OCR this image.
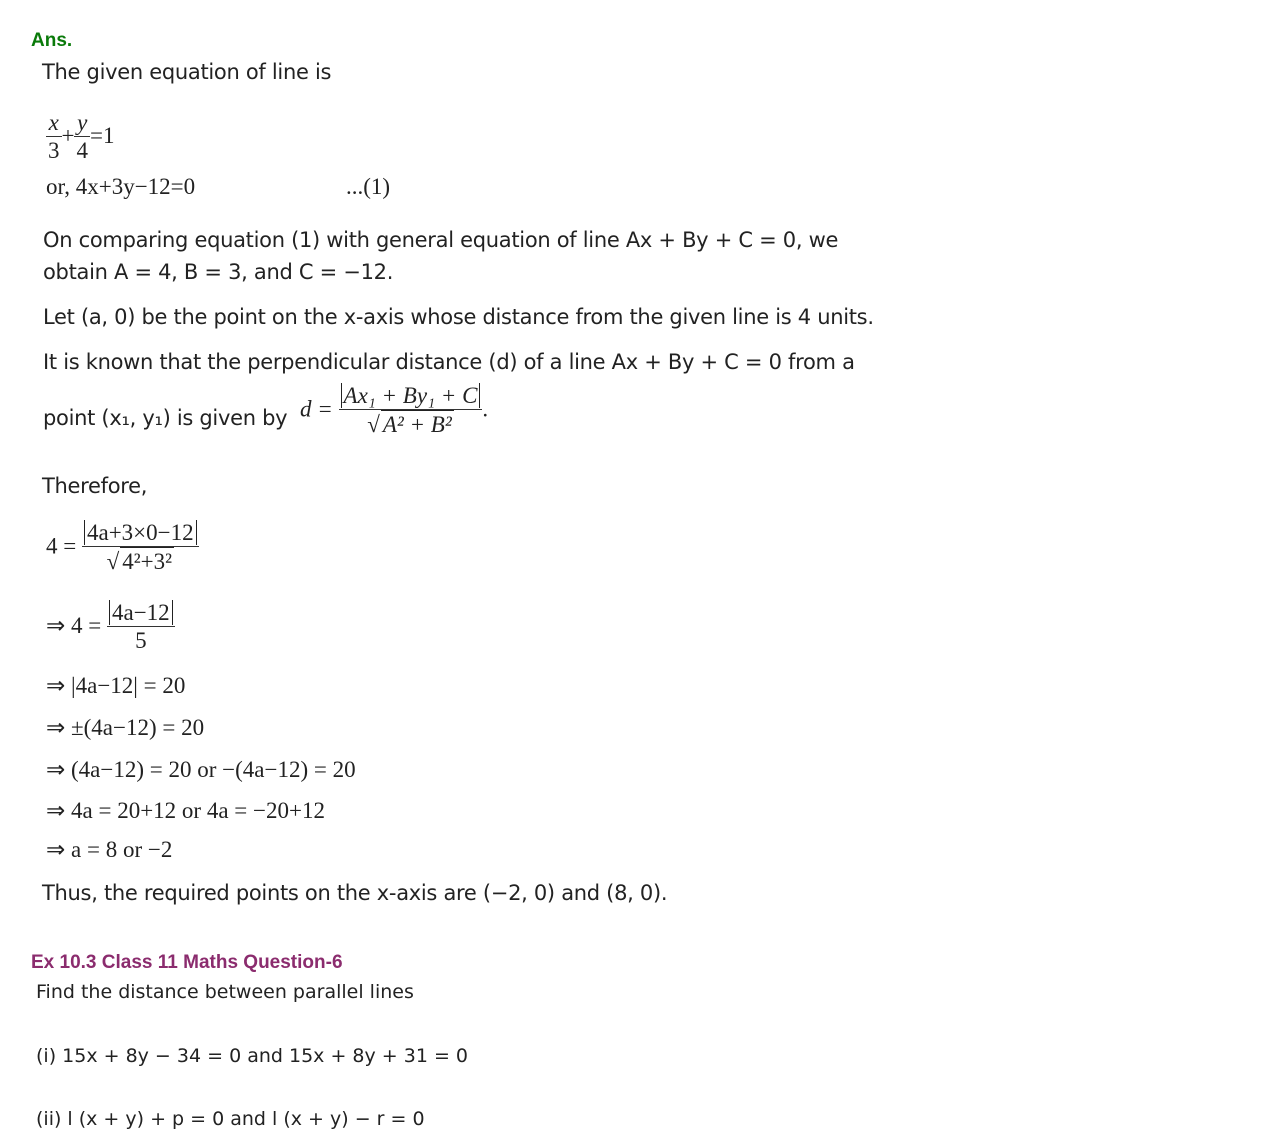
Ans.
The given equation of line is
$\frac{x}{3} + \frac{y}{4} =1$
or, 4x+3y−12=0	...(1)
On comparing equation (1) with general equation of line Ax + By + C = 0, we
obtain A = 4, B = 3, and C = −12.
Let (a, 0) be the point on the x-axis whose distance from the given line is 4 units.
It is known that the perpendicular distance (d) of a line Ax + By + C = 0 from a
point (x₁, y₁) is given by $d = \frac{\text{Ax₁ + By₁ + C}}{\text{√ A² + B²}}$ .
Therefore,
$4 = \frac{4a+3\times 0-12}{\text{√ 4²+3²}}$
⇒ $4 = \frac{4a-12}{5}$
⇒ |4a−12| = 20
⇒ ±(4a−12) = 20
⇒ (4a−12) = 20 or −(4a−12) = 20
⇒ 4a = 20+12 or 4a = −20+12
⇒ a = 8 or −2
Thus, the required points on the x-axis are (−2, 0) and (8, 0).
Ex 10.3 Class 11 Maths Question-6
Find the distance between parallel lines
(i) 15x + 8y − 34 = 0 and 15x + 8y + 31 = 0
(ii) l (x + y) + p = 0 and l (x + y) − r = 0
